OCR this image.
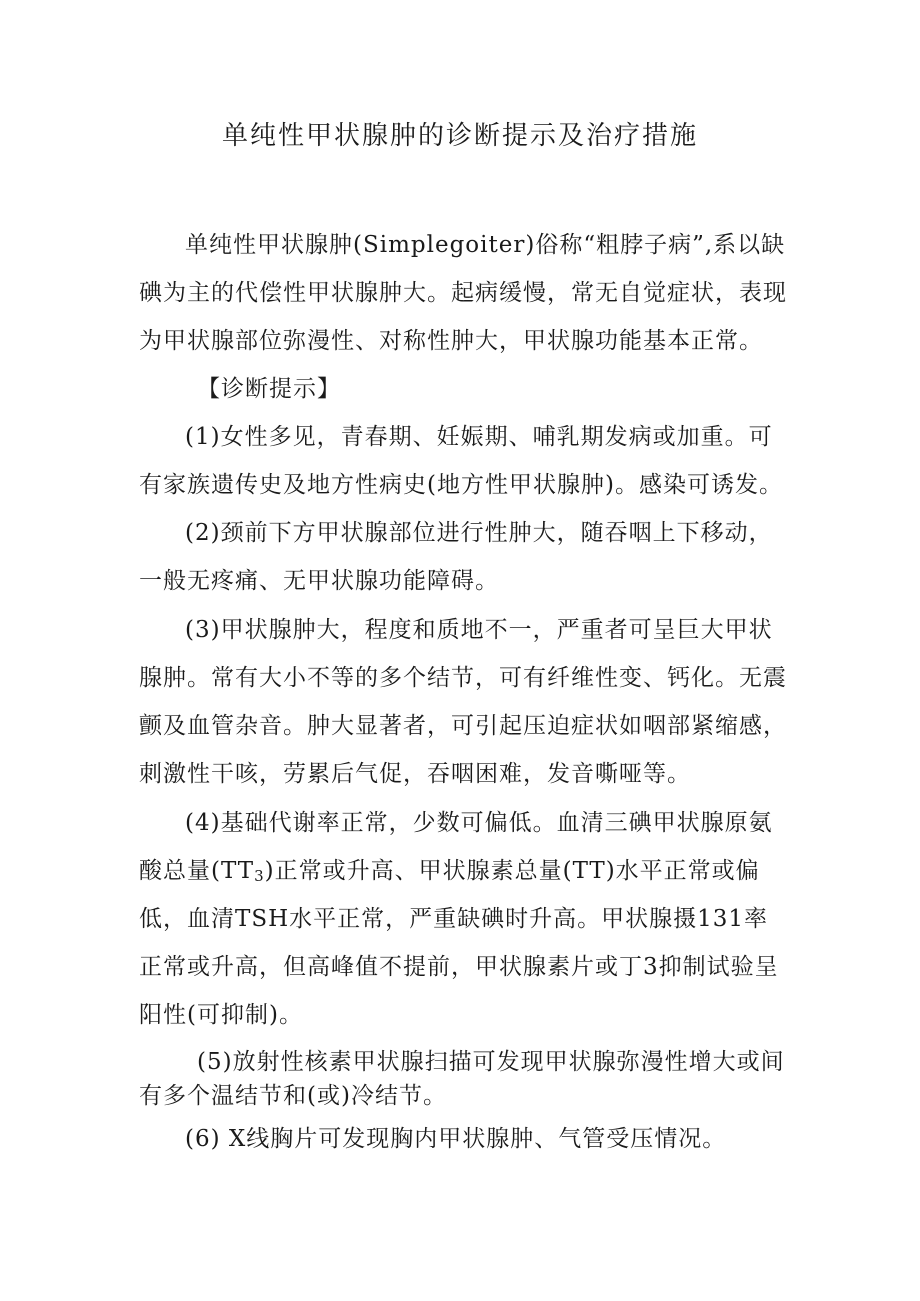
单纯性甲状腺肿的诊断提示及治疗措施

单纯性甲状腺肿(Simplegoiter)俗称“粗脖子病”,系以缺碘为主的代偿性甲状腺肿大。起病缓慢，常无自觉症状，表现为甲状腺部位弥漫性、对称性肿大，甲状腺功能基本正常。

【诊断提示】

(1)女性多见，青春期、妊娠期、哺乳期发病或加重。可有家族遗传史及地方性病史(地方性甲状腺肿)。感染可诱发。

(2)颈前下方甲状腺部位进行性肿大，随吞咽上下移动，一般无疼痛、无甲状腺功能障碍。

(3)甲状腺肿大，程度和质地不一，严重者可呈巨大甲状腺肿。常有大小不等的多个结节，可有纤维性变、钙化。无震颤及血管杂音。肿大显著者，可引起压迫症状如咽部紧缩感，刺激性干咳，劳累后气促，吞咽困难，发音嘶哑等。

(4)基础代谢率正常，少数可偏低。血清三碘甲状腺原氨酸总量$(TT_3)$正常或升高、甲状腺素总量(TT)水平正常或偏低，血清TSH水平正常，严重缺碘时升高。甲状腺摄131率正常或升高，但高峰值不提前，甲状腺素片或丁3抑制试验呈阳性(可抑制)。

(5)放射性核素甲状腺扫描可发现甲状腺弥漫性增大或间有多个温结节和(或)冷结节。

(6) X线胸片可发现胸内甲状腺肿、气管受压情况。
